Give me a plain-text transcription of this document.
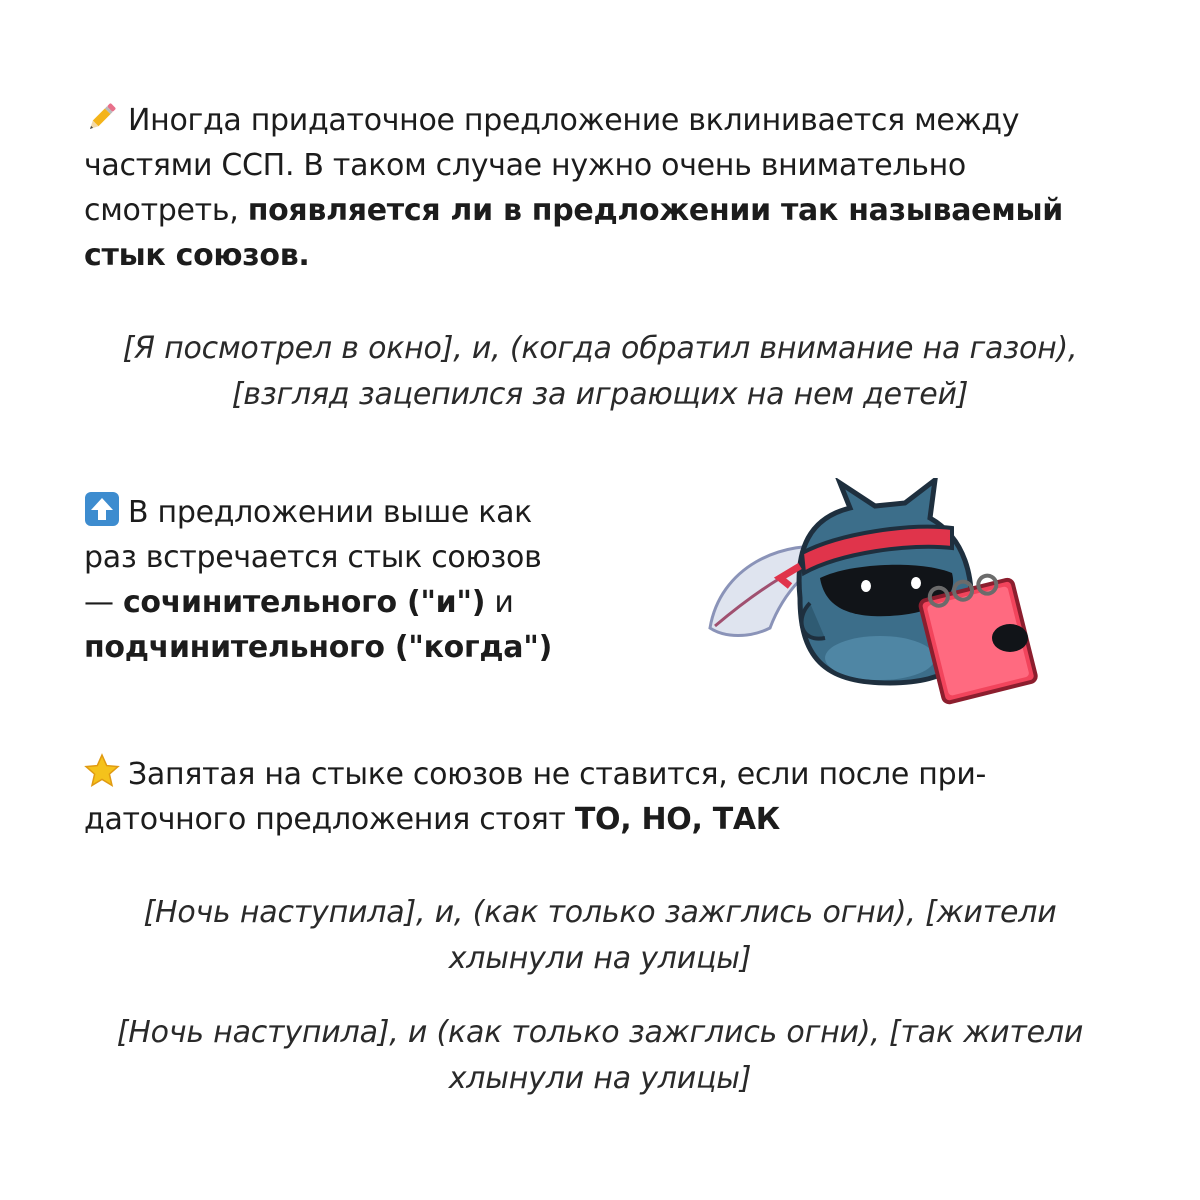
Иногда придаточное предложение вклинивается между
частями ССП. В таком случае нужно очень внимательно
смотреть, появляется ли в предложении так называемый
стык союзов.
[Я посмотрел в окно], и, (когда обратил внимание на газон),
[взгляд зацепился за играющих на нем детей]
В предложении выше как
раз встречается стык союзов
— сочинительного ("и") и
подчинительного ("когда")
Запятая на стыке союзов не ставится, если после при-
даточного предложения стоят ТО, НО, ТАК
[Ночь наступила], и, (как только зажглись огни), [жители
хлынули на улицы]
[Ночь наступила], и (как только зажглись огни), [так жители
хлынули на улицы]
